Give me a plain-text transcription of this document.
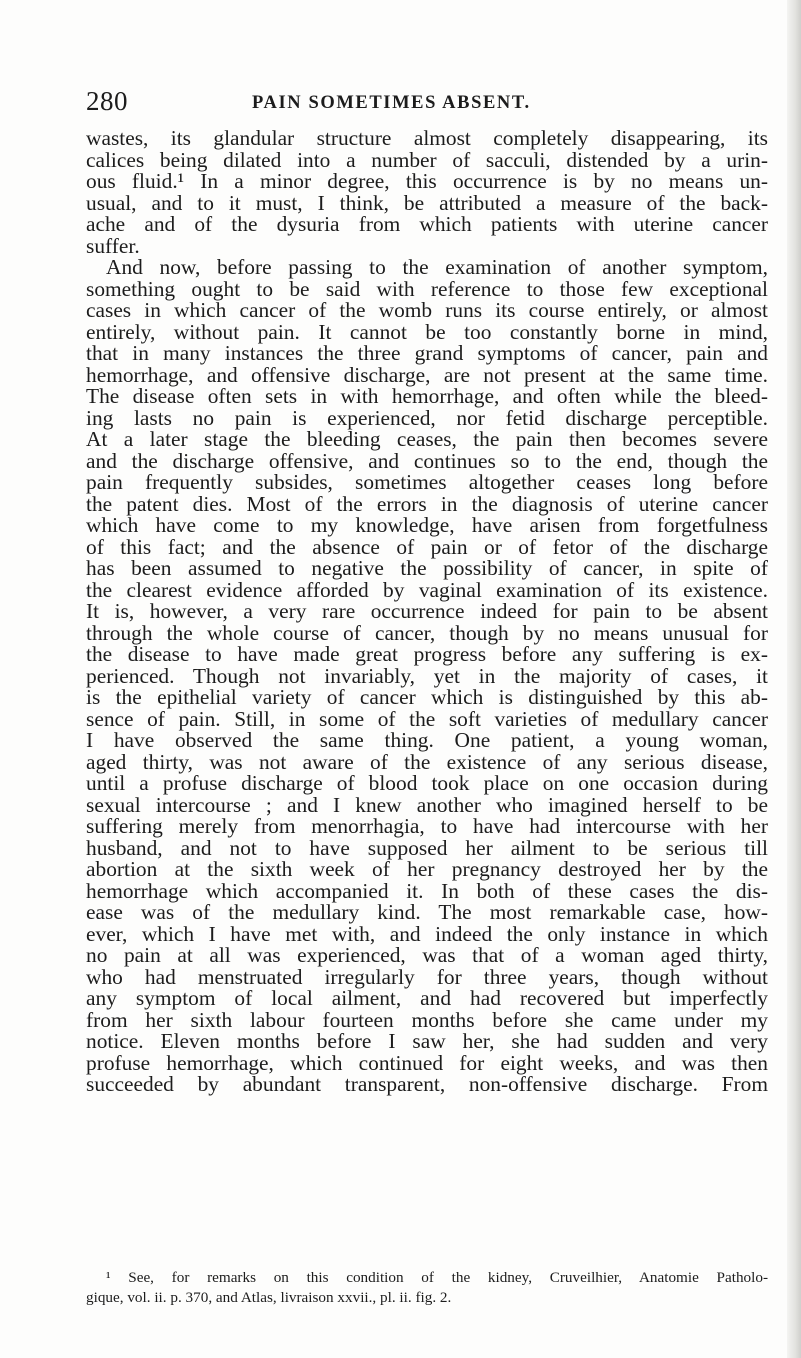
280	PAIN SOMETIMES ABSENT.
wastes, its glandular structure almost completely disappearing, its
calices being dilated into a number of sacculi, distended by a urin-
ous fluid.¹ In a minor degree, this occurrence is by no means un-
usual, and to it must, I think, be attributed a measure of the back-
ache and of the dysuria from which patients with uterine cancer
suffer.
And now, before passing to the examination of another symptom,
something ought to be said with reference to those few exceptional
cases in which cancer of the womb runs its course entirely, or almost
entirely, without pain. It cannot be too constantly borne in mind,
that in many instances the three grand symptoms of cancer, pain and
hemorrhage, and offensive discharge, are not present at the same time.
The disease often sets in with hemorrhage, and often while the bleed-
ing lasts no pain is experienced, nor fetid discharge perceptible.
At a later stage the bleeding ceases, the pain then becomes severe
and the discharge offensive, and continues so to the end, though the
pain frequently subsides, sometimes altogether ceases long before
the patent dies. Most of the errors in the diagnosis of uterine cancer
which have come to my knowledge, have arisen from forgetfulness
of this fact; and the absence of pain or of fetor of the discharge
has been assumed to negative the possibility of cancer, in spite of
the clearest evidence afforded by vaginal examination of its existence.
It is, however, a very rare occurrence indeed for pain to be absent
through the whole course of cancer, though by no means unusual for
the disease to have made great progress before any suffering is ex-
perienced. Though not invariably, yet in the majority of cases, it
is the epithelial variety of cancer which is distinguished by this ab-
sence of pain. Still, in some of the soft varieties of medullary cancer
I have observed the same thing. One patient, a young woman,
aged thirty, was not aware of the existence of any serious disease,
until a profuse discharge of blood took place on one occasion during
sexual intercourse ; and I knew another who imagined herself to be
suffering merely from menorrhagia, to have had intercourse with her
husband, and not to have supposed her ailment to be serious till
abortion at the sixth week of her pregnancy destroyed her by the
hemorrhage which accompanied it. In both of these cases the dis-
ease was of the medullary kind. The most remarkable case, how-
ever, which I have met with, and indeed the only instance in which
no pain at all was experienced, was that of a woman aged thirty,
who had menstruated irregularly for three years, though without
any symptom of local ailment, and had recovered but imperfectly
from her sixth labour fourteen months before she came under my
notice. Eleven months before I saw her, she had sudden and very
profuse hemorrhage, which continued for eight weeks, and was then
succeeded by abundant transparent, non-offensive discharge. From
¹ See, for remarks on this condition of the kidney, Cruveilhier, Anatomie Patholo-
gique, vol. ii. p. 370, and Atlas, livraison xxvii., pl. ii. fig. 2.
